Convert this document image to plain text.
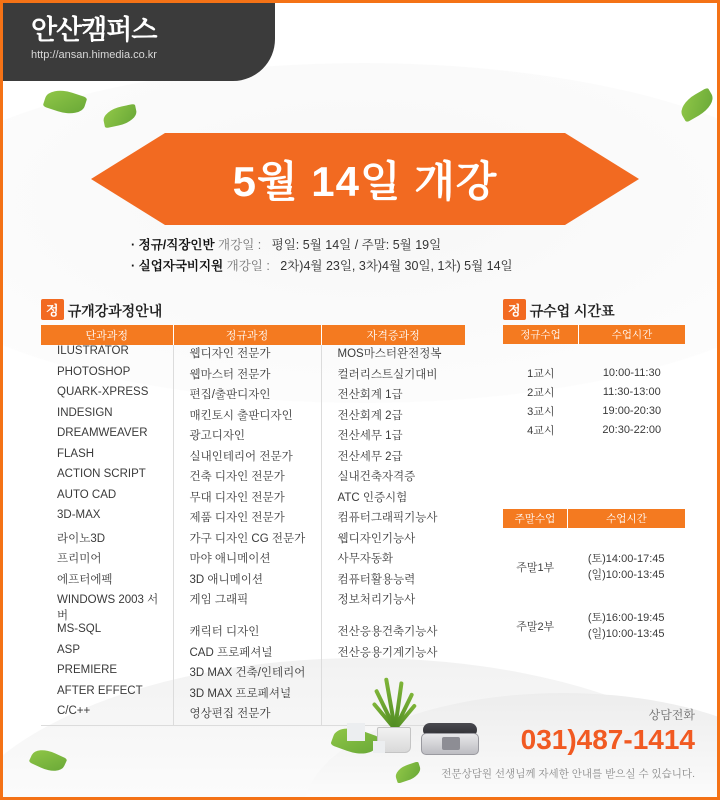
안산캠퍼스
http://ansan.himedia.co.kr
5월 14일 개강
· 정규/직장인반 개강일 : 평일: 5월 14일 / 주말: 5월 19일
· 실업자국비지원 개강일 : 2차)4월 23일, 3차)4월 30일, 1차) 5월 14일
정 규개강과정안내	정 규수업 시간표
단과과정	정규과정	자격증과정
ILUSTRATOR	웹디자인 전문가	MOS마스터완전정복
PHOTOSHOP	웹마스터 전문가	컬러리스트실기대비
QUARK-XPRESS	편집/출판디자인	전산회계 1급
INDESIGN	매킨토시 출판디자인	전산회계 2급
DREAMWEAVER	광고디자인	전산세무 1급
FLASH	실내인테리어 전문가	전산세무 2급
ACTION SCRIPT	건축 디자인 전문가	실내건축자격증
AUTO CAD	무대 디자인 전문가	ATC 인증시험
3D-MAX	제품 디자인 전문가	컴퓨터그래픽기능사
라이노3D	가구 디자인 CG 전문가	웹디자인기능사
프리미어	마야 애니메이션	사무자동화
에프터에펙	3D 애니메이션	컴퓨터활용능력
WINDOWS 2003 서버	게임 그래픽	정보처리기능사
MS-SQL	캐릭터 디자인	전산응용건축기능사
ASP	CAD 프로페셔널	전산응용기계기능사
PREMIERE	3D MAX 건축/인테리어	
AFTER EFFECT	3D MAX 프로페셔널	
C/C++	영상편집 전문가	
정규수업	수업시간

1교시	10:00-11:30
2교시	11:30-13:00
3교시	19:00-20:30
4교시	20:30-22:00
주말수업	수업시간

주말1부	(토)14:00-17:45
(일)10:00-13:45

주말2부	(토)16:00-19:45
(일)10:00-13:45

상담전화
031)487-1414
전문상담원 선생님께 자세한 안내를 받으실 수 있습니다.
